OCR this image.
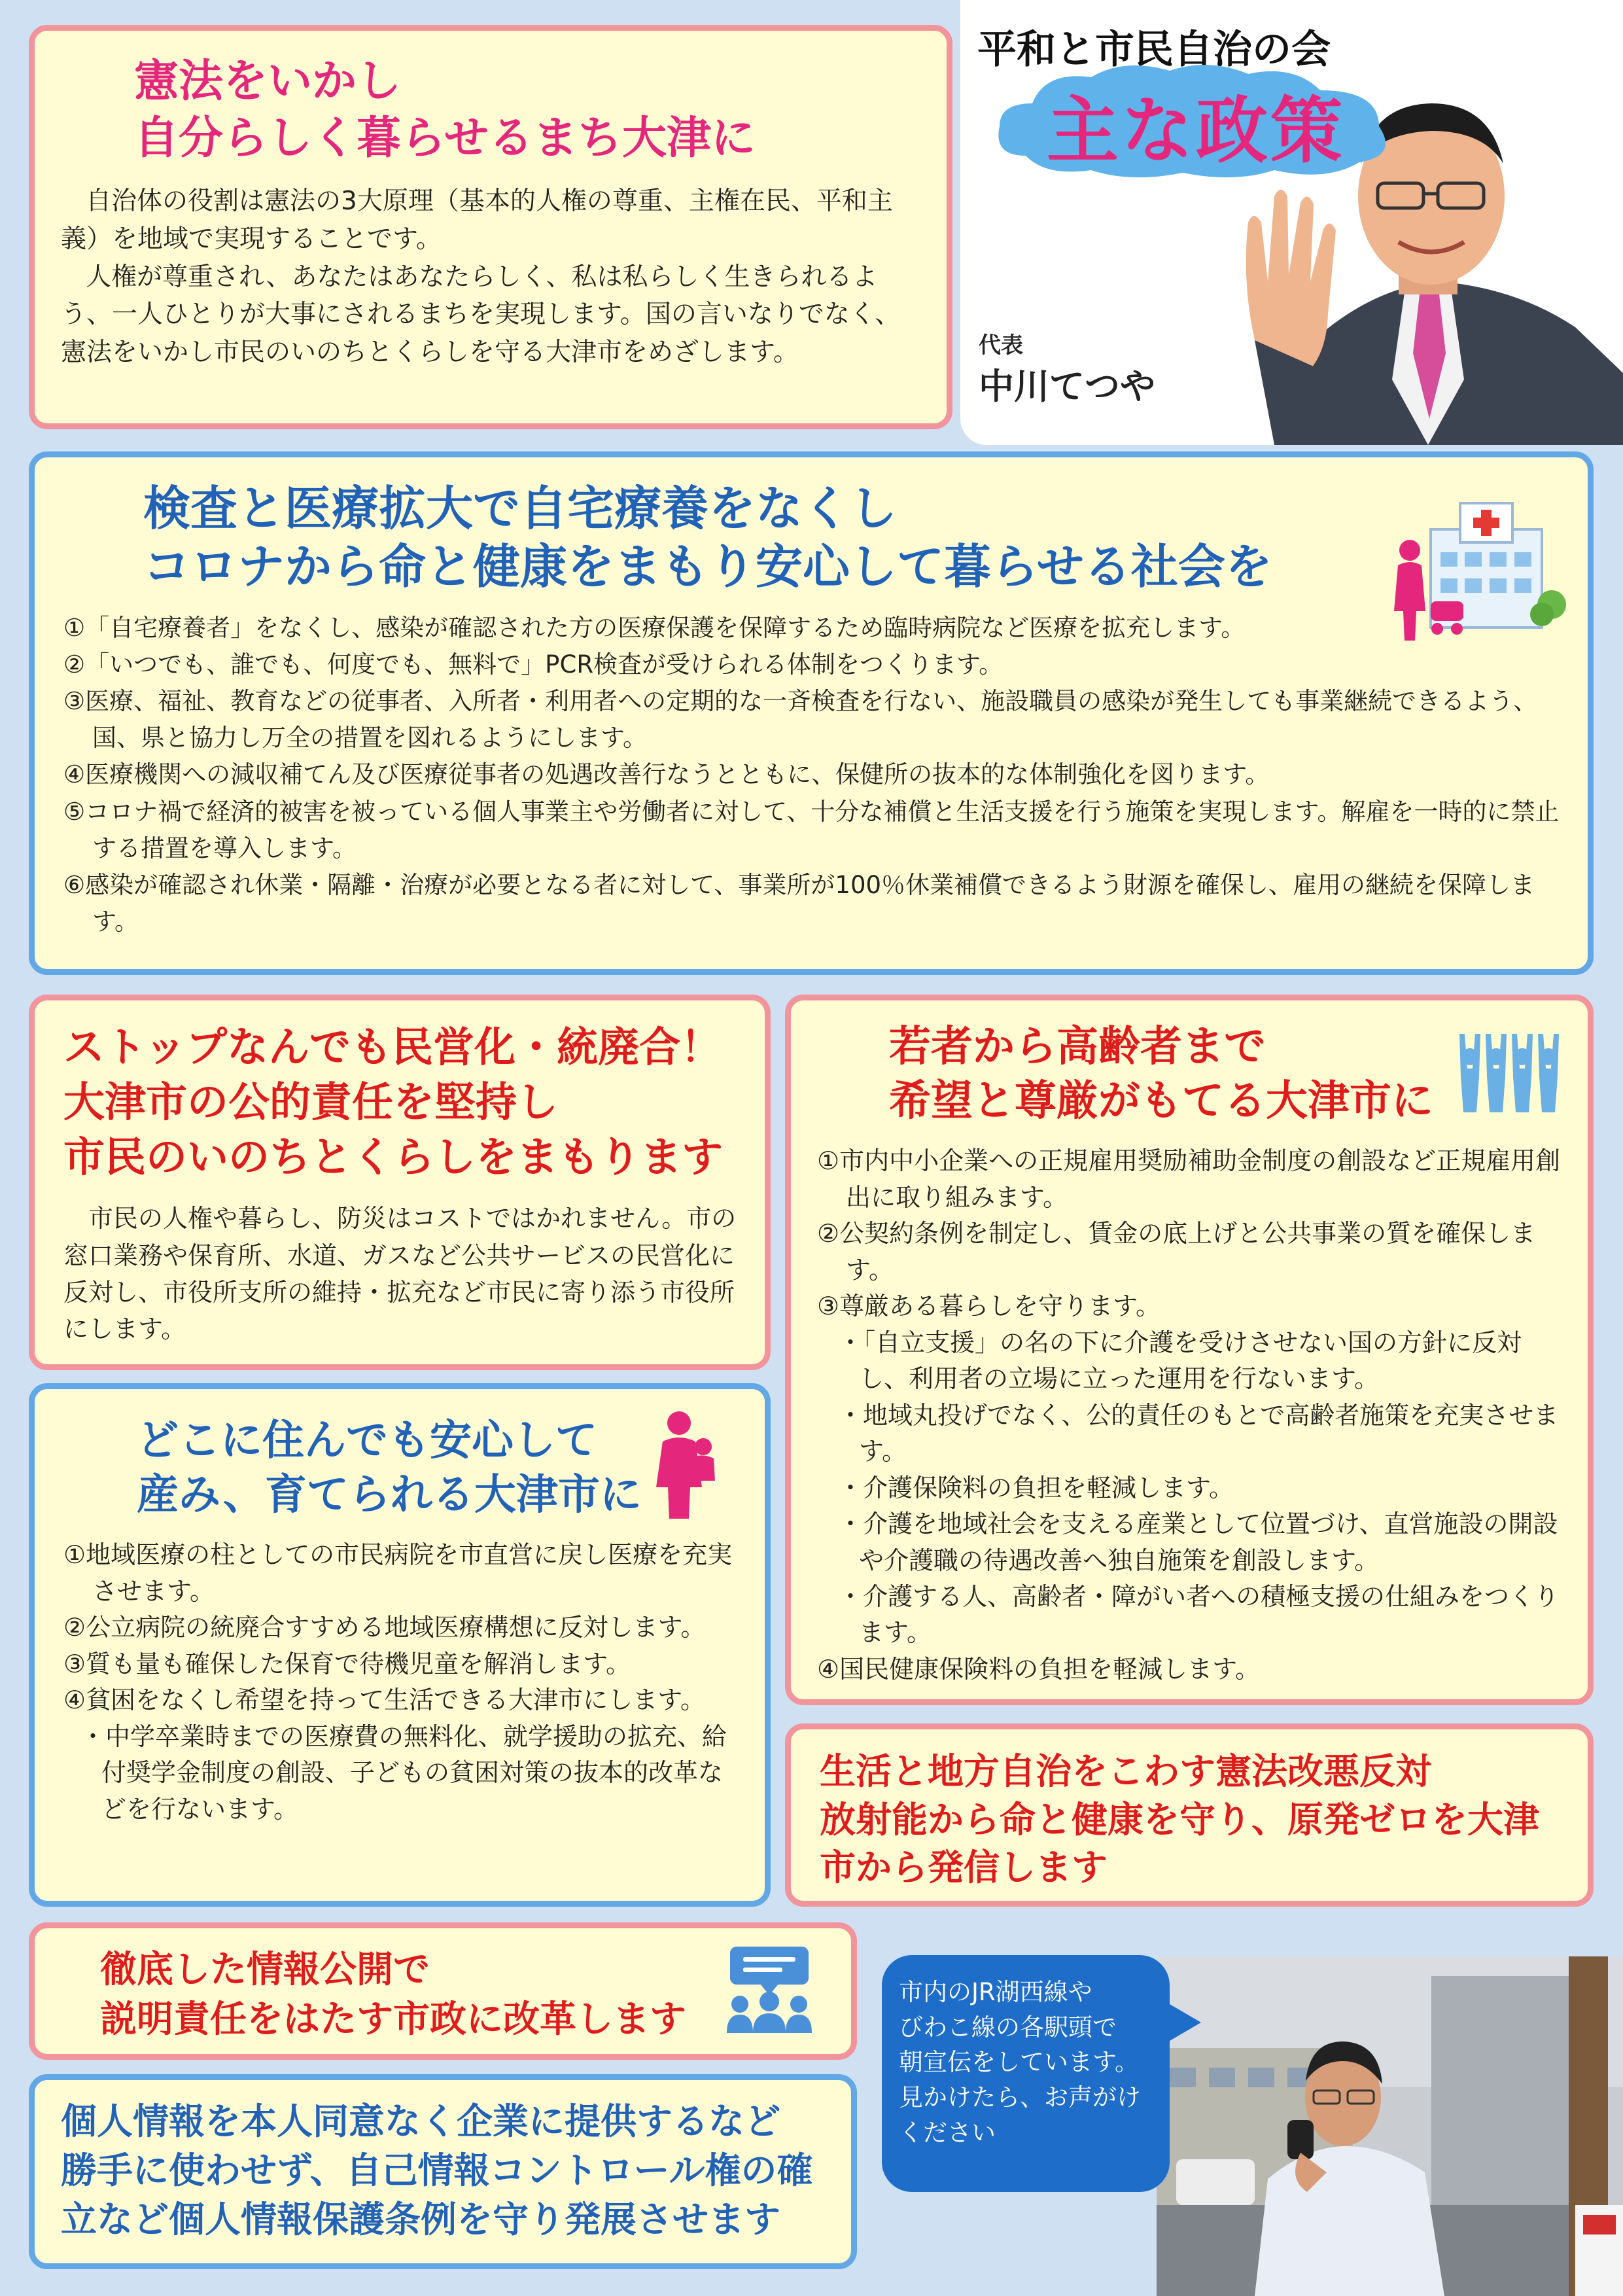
平和と市民自治の会
主な政策
代表
中川てつや
憲法をいかし
自分らしく暮らせるまち大津に
自治体の役割は憲法の3大原理（基本的人権の尊重、主権在民、平和主義）を地域で実現することです。
人権が尊重され、あなたはあなたらしく、私は私らしく生きられるよう、一人ひとりが大事にされるまちを実現します。国の言いなりでなく、憲法をいかし市民のいのちとくらしを守る大津市をめざします。
検査と医療拡大で自宅療養をなくし
コロナから命と健康をまもり安心して暮らせる社会を
①「自宅療養者」をなくし、感染が確認された方の医療保護を保障するため臨時病院など医療を拡充します。
②「いつでも、誰でも、何度でも、無料で」PCR検査が受けられる体制をつくります。
③医療、福祉、教育などの従事者、入所者・利用者への定期的な一斉検査を行ない、施設職員の感染が発生しても事業継続できるよう、国、県と協力し万全の措置を図れるようにします。
④医療機関への減収補てん及び医療従事者の処遇改善行なうとともに、保健所の抜本的な体制強化を図ります。
⑤コロナ禍で経済的被害を被っている個人事業主や労働者に対して、十分な補償と生活支援を行う施策を実現します。解雇を一時的に禁止する措置を導入します。
⑥感染が確認され休業・隔離・治療が必要となる者に対して、事業所が100％休業補償できるよう財源を確保し、雇用の継続を保障します。
ストップなんでも民営化・統廃合！
大津市の公的責任を堅持し
市民のいのちとくらしをまもります
市民の人権や暮らし、防災はコストではかれません。市の窓口業務や保育所、水道、ガスなど公共サービスの民営化に反対し、市役所支所の維持・拡充など市民に寄り添う市役所にします。
若者から高齢者まで
希望と尊厳がもてる大津市に
①市内中小企業への正規雇用奨励補助金制度の創設など正規雇用創出に取り組みます。
②公契約条例を制定し、賃金の底上げと公共事業の質を確保します。
③尊厳ある暮らしを守ります。
・「自立支援」の名の下に介護を受けさせない国の方針に反対し、利用者の立場に立った運用を行ないます。
・地域丸投げでなく、公的責任のもとで高齢者施策を充実させます。
・介護保険料の負担を軽減します。
・介護を地域社会を支える産業として位置づけ、直営施設の開設や介護職の待遇改善へ独自施策を創設します。
・介護する人、高齢者・障がい者への積極支援の仕組みをつくります。
④国民健康保険料の負担を軽減します。
どこに住んでも安心して
産み、育てられる大津市に
①地域医療の柱としての市民病院を市直営に戻し医療を充実させます。
②公立病院の統廃合すすめる地域医療構想に反対します。
③質も量も確保した保育で待機児童を解消します。
④貧困をなくし希望を持って生活できる大津市にします。
・中学卒業時までの医療費の無料化、就学援助の拡充、給付奨学金制度の創設、子どもの貧困対策の抜本的改革などを行ないます。
生活と地方自治をこわす憲法改悪反対
放射能から命と健康を守り、原発ゼロを大津
市から発信します
徹底した情報公開で
説明責任をはたす市政に改革します
個人情報を本人同意なく企業に提供するなど
勝手に使わせず、自己情報コントロール権の確
立など個人情報保護条例を守り発展させます
市内のJR湖西線や
びわこ線の各駅頭で
朝宣伝をしています。
見かけたら、お声がけ
ください
